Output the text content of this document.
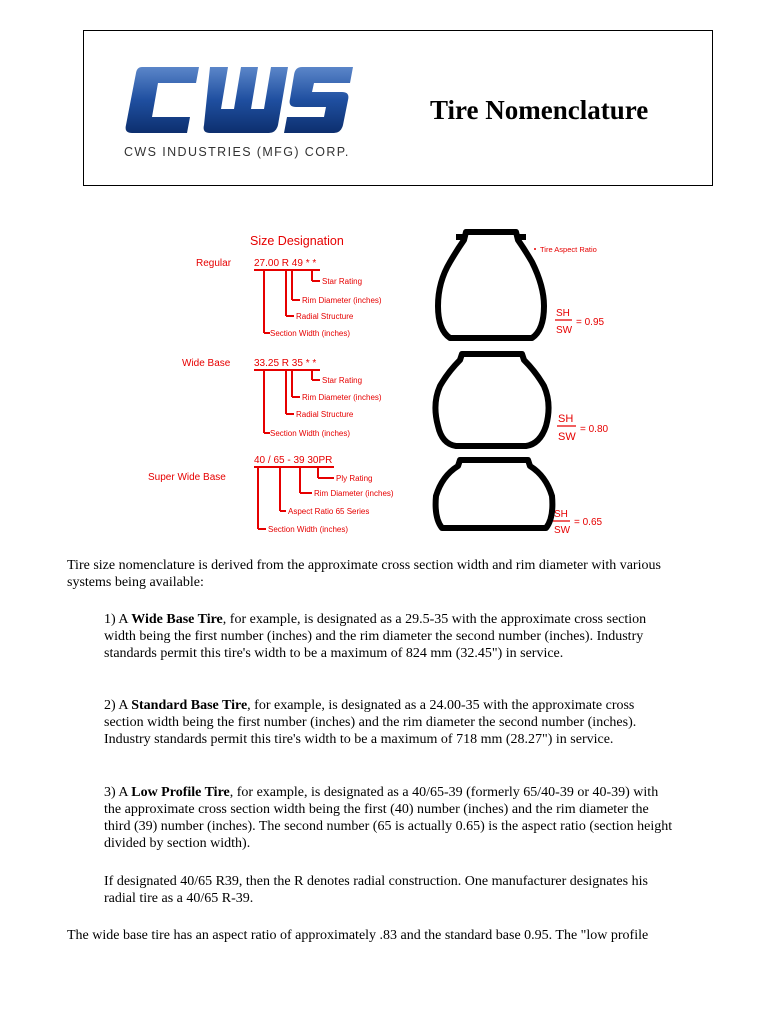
CWS INDUSTRIES (MFG) CORP.
Tire Nomenclature
Size Designation
Regular 27.00 R 49 * *
Star Rating
Rim Diameter (inches)
Radial Structure
Section Width (inches)
Wide Base 33.25 R 35 * *
Star Rating
Rim Diameter (inches)
Radial Structure
Section Width (inches)
Super Wide Base
40 / 65 - 39 30PR
Ply Rating
Rim Diameter (inches)
Aspect Ratio 65 Series
Section Width (inches)
Tire Aspect Ratio
SH
SW
= 0.95
SH
SW
= 0.80
SH
SW
= 0.65
Tire size nomenclature is derived from the approximate cross section width and rim diameter with various systems being available:
1) A Wide Base Tire, for example, is designated as a 29.5-35 with the approximate cross section width being the first number (inches) and the rim diameter the second number (inches). Industry standards permit this tire's width to be a maximum of 824 mm (32.45") in service.
2) A Standard Base Tire, for example, is designated as a 24.00-35 with the approximate cross section width being the first number (inches) and the rim diameter the second number (inches). Industry standards permit this tire's width to be a maximum of 718 mm (28.27") in service.
3) A Low Profile Tire, for example, is designated as a 40/65-39 (formerly 65/40-39 or 40-39) with the approximate cross section width being the first (40) number (inches) and the rim diameter the third (39) number (inches). The second number (65 is actually 0.65) is the aspect ratio (section height divided by section width).
If designated 40/65 R39, then the R denotes radial construction. One manufacturer designates his radial tire as a 40/65 R-39.
The wide base tire has an aspect ratio of approximately .83 and the standard base 0.95. The "low profile
